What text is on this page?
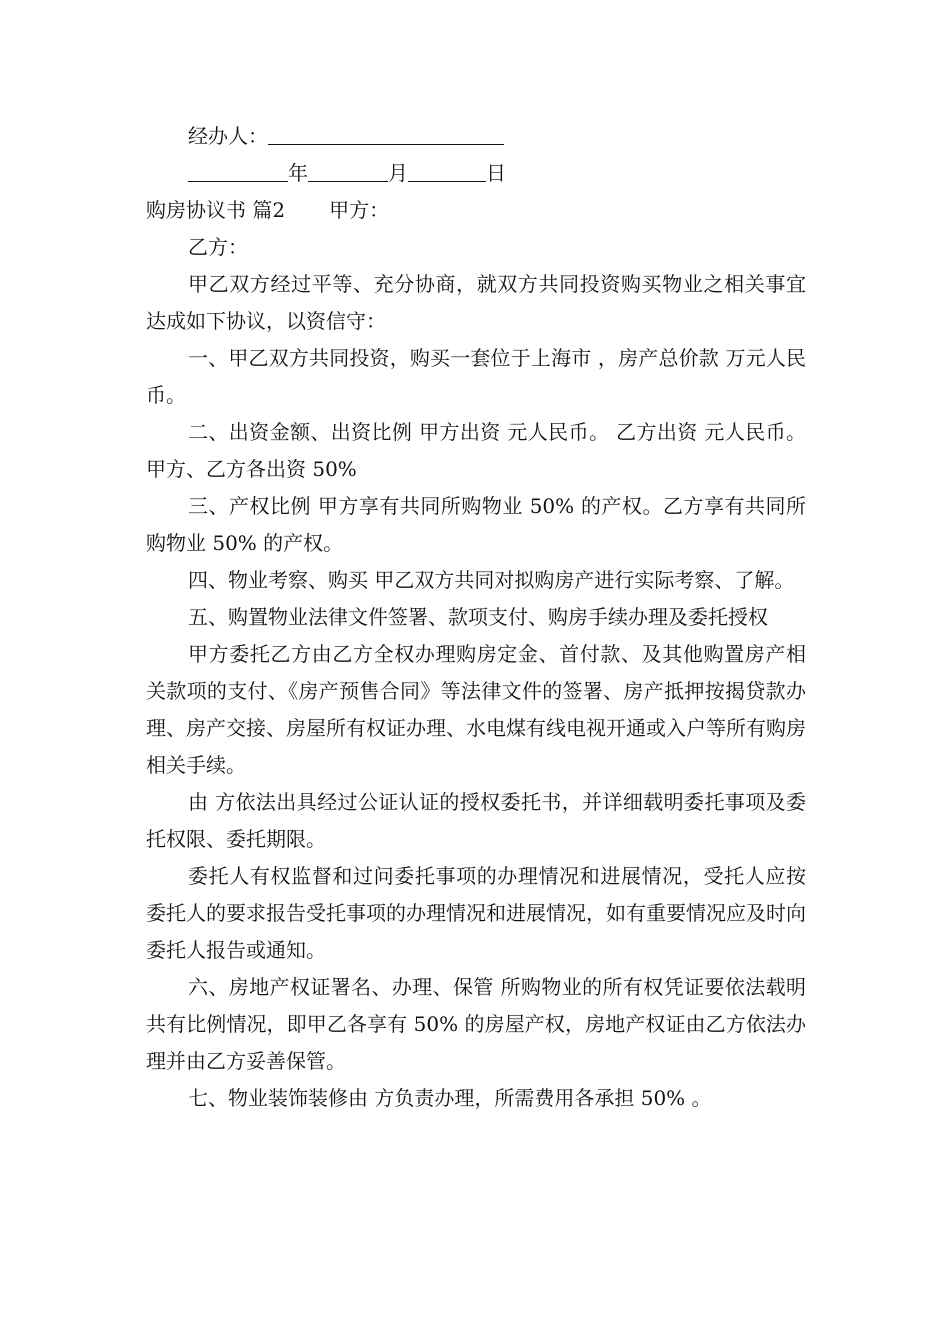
经办人：

年	月	日

购房协议书 篇2 甲方：

乙方：

甲乙双方经过平等、充分协商，就双方共同投资购买物业之相关事宜达成如下协议，以资信守：

一、甲乙双方共同投资，购买一套位于上海市 ，房产总价款 万元人民币。

二、出资金额、出资比例 甲方出资 元人民币。 乙方出资 元人民币。 甲方、乙方各出资 50%

三、产权比例 甲方享有共同所购物业 50% 的产权。乙方享有共同所购物业 50% 的产权。

四、物业考察、购买 甲乙双方共同对拟购房产进行实际考察、了解。

五、购置物业法律文件签署、款项支付、购房手续办理及委托授权

甲方委托乙方由乙方全权办理购房定金、首付款、及其他购置房产相关款项的支付、《房产预售合同》等法律文件的签署、房产抵押按揭贷款办理、房产交接、房屋所有权证办理、水电煤有线电视开通或入户等所有购房相关手续。

由 方依法出具经过公证认证的授权委托书，并详细载明委托事项及委托权限、委托期限。

委托人有权监督和过问委托事项的办理情况和进展情况，受托人应按委托人的要求报告受托事项的办理情况和进展情况，如有重要情况应及时向委托人报告或通知。

六、房地产权证署名、办理、保管 所购物业的所有权凭证要依法载明共有比例情况，即甲乙各享有 50% 的房屋产权，房地产权证由乙方依法办理并由乙方妥善保管。

七、物业装饰装修由 方负责办理，所需费用各承担 50% 。
